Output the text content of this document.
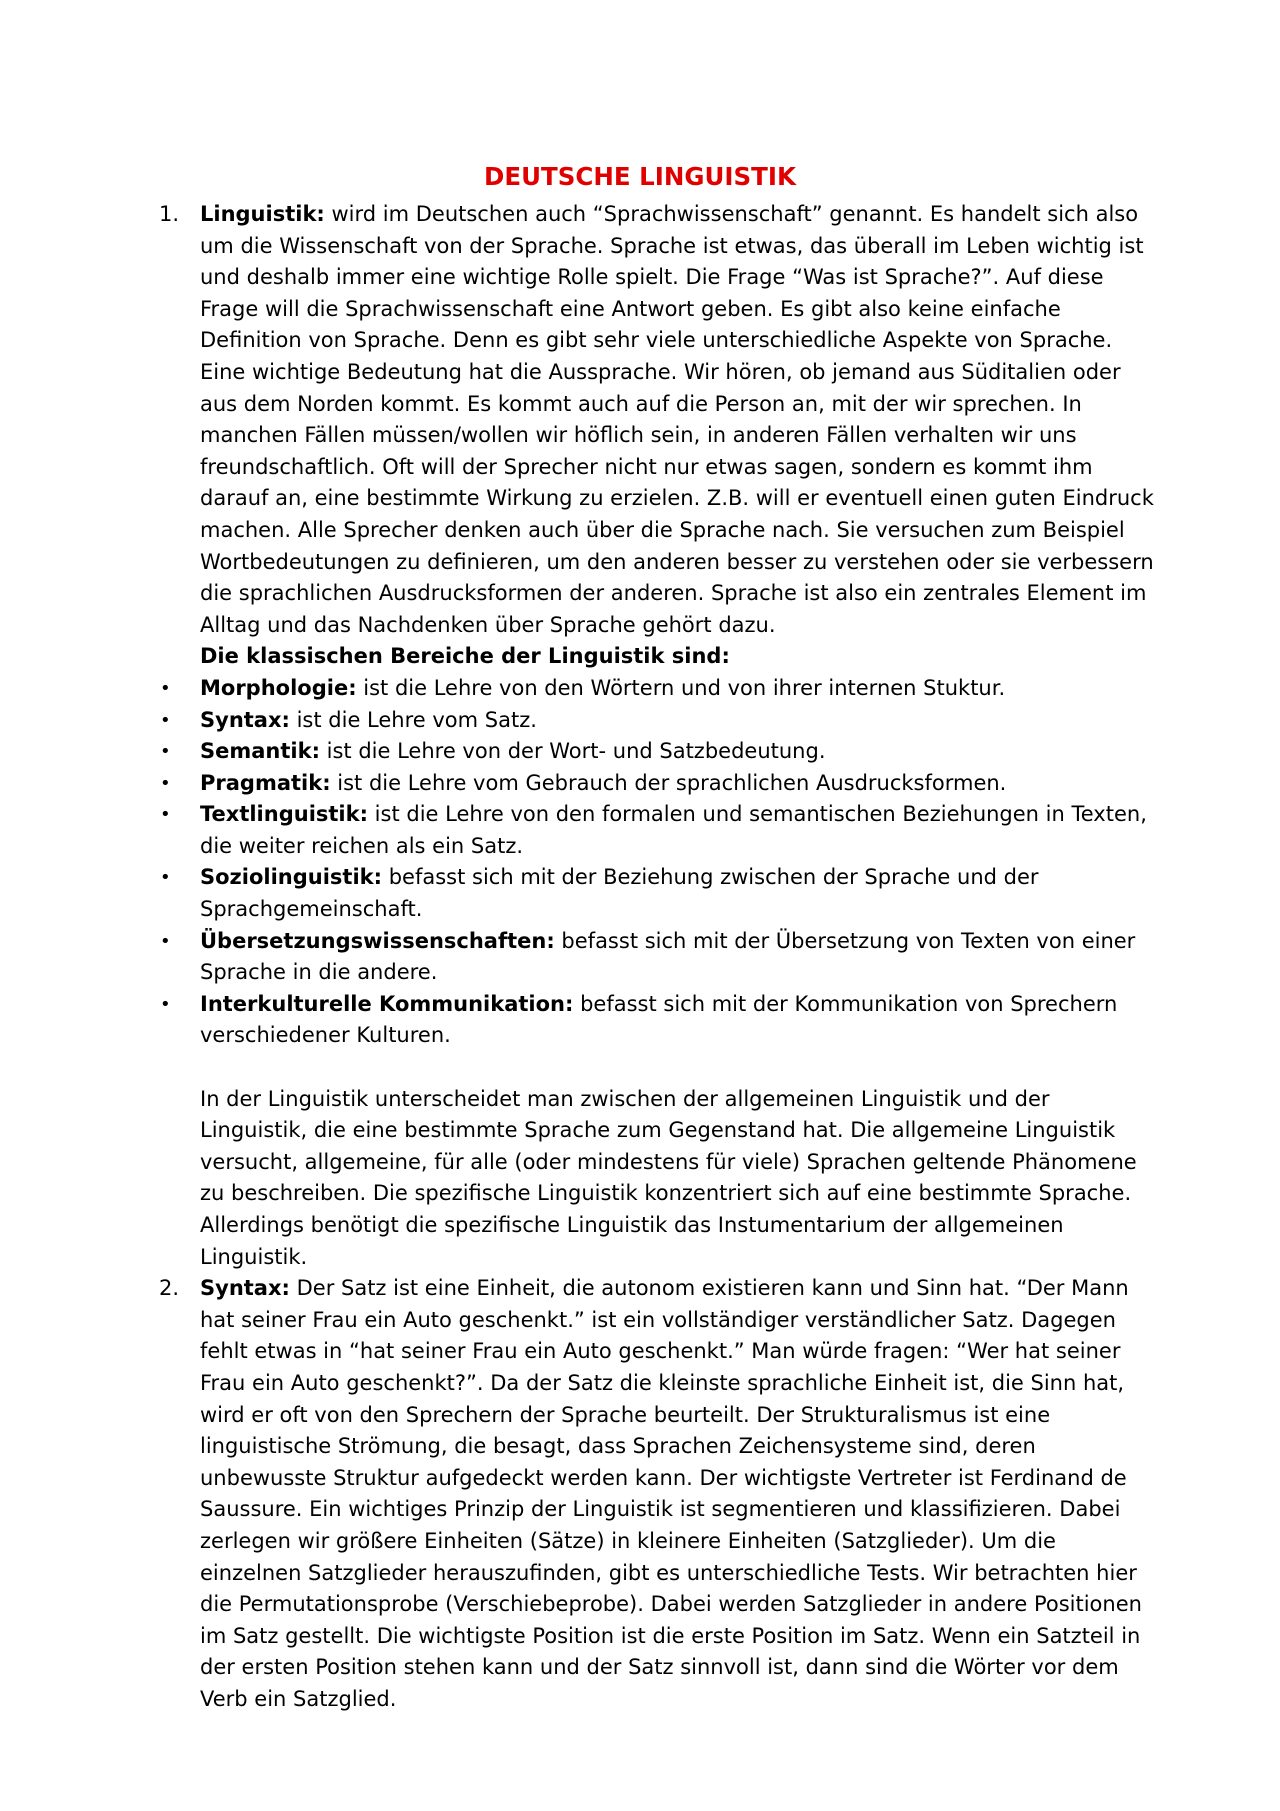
DEUTSCHE LINGUISTIK
1. Linguistik: wird im Deutschen auch “Sprachwissenschaft” genannt. Es handelt sich also um die Wissenschaft von der Sprache. Sprache ist etwas, das überall im Leben wichtig ist und deshalb immer eine wichtige Rolle spielt. Die Frage “Was ist Sprache?”. Auf diese Frage will die Sprachwissenschaft eine Antwort geben. Es gibt also keine einfache Definition von Sprache. Denn es gibt sehr viele unterschiedliche Aspekte von Sprache. Eine wichtige Bedeutung hat die Aussprache. Wir hören, ob jemand aus Süditalien oder aus dem Norden kommt. Es kommt auch auf die Person an, mit der wir sprechen. In manchen Fällen müssen/wollen wir höflich sein, in anderen Fällen verhalten wir uns freundschaftlich. Oft will der Sprecher nicht nur etwas sagen, sondern es kommt ihm darauf an, eine bestimmte Wirkung zu erzielen. Z.B. will er eventuell einen guten Eindruck machen. Alle Sprecher denken auch über die Sprache nach. Sie versuchen zum Beispiel Wortbedeutungen zu definieren, um den anderen besser zu verstehen oder sie verbessern die sprachlichen Ausdrucksformen der anderen. Sprache ist also ein zentrales Element im Alltag und das Nachdenken über Sprache gehört dazu.

Die klassischen Bereiche der Linguistik sind:

•	Morphologie: ist die Lehre von den Wörtern und von ihrer internen Stuktur.

•	Syntax: ist die Lehre vom Satz.

•	Semantik: ist die Lehre von der Wort- und Satzbedeutung.

•	Pragmatik: ist die Lehre vom Gebrauch der sprachlichen Ausdrucksformen.

•	Textlinguistik: ist die Lehre von den formalen und semantischen Beziehungen in Texten, die weiter reichen als ein Satz.

•	Soziolinguistik: befasst sich mit der Beziehung zwischen der Sprache und der Sprachgemeinschaft.

•	Übersetzungswissenschaften: befasst sich mit der Übersetzung von Texten von einer Sprache in die andere.

•	Interkulturelle Kommunikation: befasst sich mit der Kommunikation von Sprechern verschiedener Kulturen.

In der Linguistik unterscheidet man zwischen der allgemeinen Linguistik und der Linguistik, die eine bestimmte Sprache zum Gegenstand hat. Die allgemeine Linguistik versucht, allgemeine, für alle (oder mindestens für viele) Sprachen geltende Phänomene zu beschreiben. Die spezifische Linguistik konzentriert sich auf eine bestimmte Sprache. Allerdings benötigt die spezifische Linguistik das Instumentarium der allgemeinen Linguistik.

2. Syntax: Der Satz ist eine Einheit, die autonom existieren kann und Sinn hat. “Der Mann hat seiner Frau ein Auto geschenkt.” ist ein vollständiger verständlicher Satz. Dagegen fehlt etwas in “hat seiner Frau ein Auto geschenkt.” Man würde fragen: “Wer hat seiner Frau ein Auto geschenkt?”. Da der Satz die kleinste sprachliche Einheit ist, die Sinn hat, wird er oft von den Sprechern der Sprache beurteilt. Der Strukturalismus ist eine linguistische Strömung, die besagt, dass Sprachen Zeichensysteme sind, deren unbewusste Struktur aufgedeckt werden kann. Der wichtigste Vertreter ist Ferdinand de Saussure. Ein wichtiges Prinzip der Linguistik ist segmentieren und klassifizieren. Dabei zerlegen wir größere Einheiten (Sätze) in kleinere Einheiten (Satzglieder). Um die einzelnen Satzglieder herauszufinden, gibt es unterschiedliche Tests. Wir betrachten hier die Permutationsprobe (Verschiebeprobe). Dabei werden Satzglieder in andere Positionen im Satz gestellt. Die wichtigste Position ist die erste Position im Satz. Wenn ein Satzteil in der ersten Position stehen kann und der Satz sinnvoll ist, dann sind die Wörter vor dem Verb ein Satzglied.
